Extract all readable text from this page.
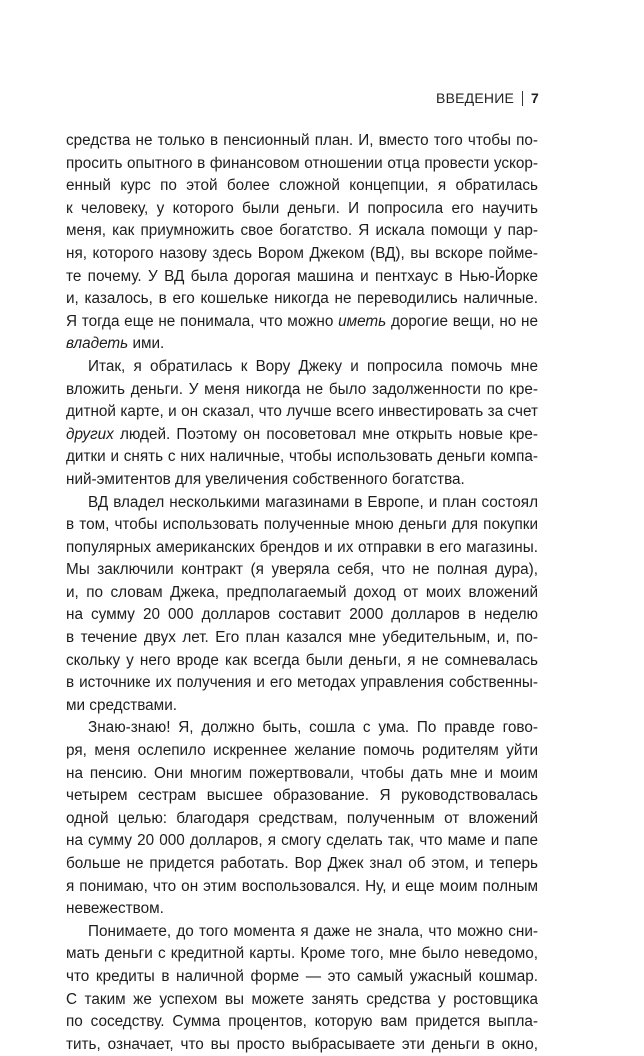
ВВЕДЕНИЕ 7
средства не только в пенсионный план. И, вместо того чтобы по-
просить опытного в финансовом отношении отца провести ускор-
енный курс по этой более сложной концепции, я обратилась
к человеку, у которого были деньги. И попросила его научить
меня, как приумножить свое богатство. Я искала помощи у пар-
ня, которого назову здесь Вором Джеком (ВД), вы вскоре пойме-
те почему. У ВД была дорогая машина и пентхаус в Нью-Йорке
и, казалось, в его кошельке никогда не переводились наличные.
Я тогда еще не понимала, что можно иметь дорогие вещи, но не
владеть ими.
Итак, я обратилась к Вору Джеку и попросила помочь мне
вложить деньги. У меня никогда не было задолженности по кре-
дитной карте, и он сказал, что лучше всего инвестировать за счет
других людей. Поэтому он посоветовал мне открыть новые кре-
дитки и снять с них наличные, чтобы использовать деньги компа-
ний-эмитентов для увеличения собственного богатства.
ВД владел несколькими магазинами в Европе, и план состоял
в том, чтобы использовать полученные мною деньги для покупки
популярных американских брендов и их отправки в его магазины.
Мы заключили контракт (я уверяла себя, что не полная дура),
и, по словам Джека, предполагаемый доход от моих вложений
на сумму 20 000 долларов составит 2000 долларов в неделю
в течение двух лет. Его план казался мне убедительным, и, по-
скольку у него вроде как всегда были деньги, я не сомневалась
в источнике их получения и его методах управления собственны-
ми средствами.
Знаю-знаю! Я, должно быть, сошла с ума. По правде гово-
ря, меня ослепило искреннее желание помочь родителям уйти
на пенсию. Они многим пожертвовали, чтобы дать мне и моим
четырем сестрам высшее образование. Я руководствовалась
одной целью: благодаря средствам, полученным от вложений
на сумму 20 000 долларов, я смогу сделать так, что маме и папе
больше не придется работать. Вор Джек знал об этом, и теперь
я понимаю, что он этим воспользовался. Ну, и еще моим полным
невежеством.
Понимаете, до того момента я даже не знала, что можно сни-
мать деньги с кредитной карты. Кроме того, мне было неведомо,
что кредиты в наличной форме — это самый ужасный кошмар.
С таким же успехом вы можете занять средства у ростовщика
по соседству. Сумма процентов, которую вам придется выпла-
тить, означает, что вы просто выбрасываете эти деньги в окно,
